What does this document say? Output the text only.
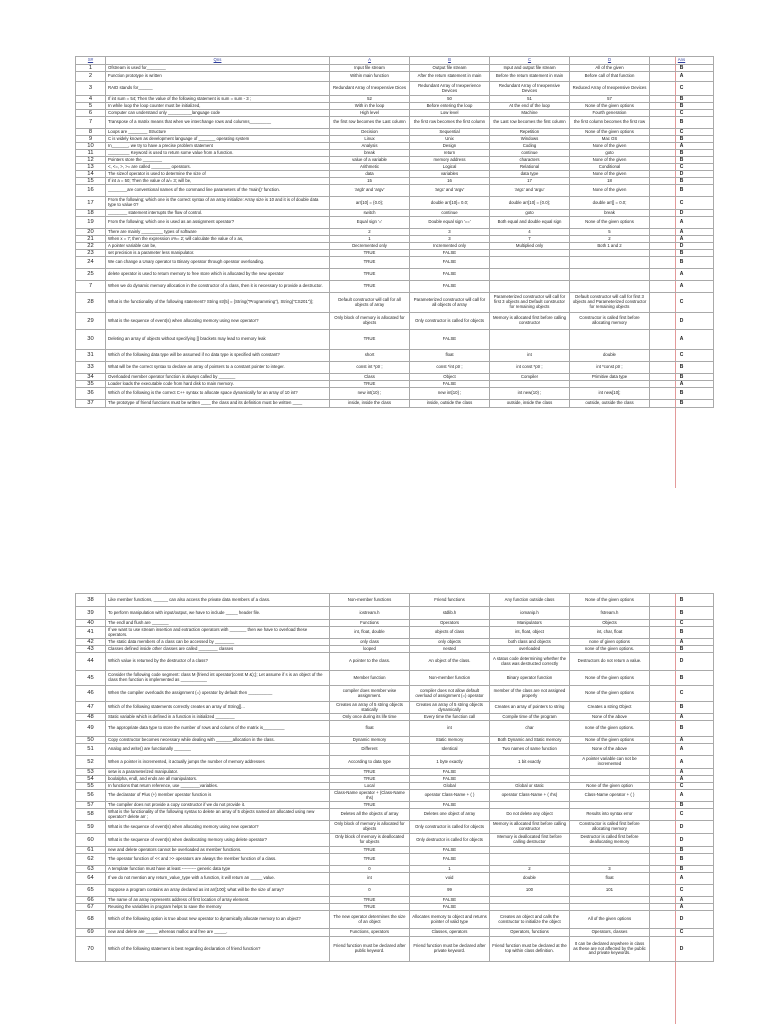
S#	Qns	A	B	C	D	Ans
1	Ofstream is used for________	Input file stream	Output file stream	Input and output file stream	All of the given	B
2	Function prototype is written	Within main function	After the return statement in main	Before the return statement in main	Before call of that function	A
3	RAID stands for______	Redundant Array of Inexpensive Dices	Redundant Array of Inexperience Devices	Redundant Array of Inexpensive Devices	Reduced Array of Inexpensive Devices	C
4	If int sum = 54; Then the value of the following statement is sum = sum - 3 ;	52	50	51	57	B
5	In while loop the loop counter must be initialized,	With in the loop	Before entering the loop	At the end of the loop	None of the given options	B
6	Computer can understand only __________language code	High level	Low level	Machine	Fourth generation	C
7	Transpose of a matrix means that when we interchange rows and columns_________	the first row becomes the Last column	the first row becomes the first column	the Last row becomes the first column	the first column becomes the first row	B
8	Loops are ________ Structure	Decision	Sequential	Repetition	None of the given options	C
9	C is widely known as development language of _______ operating system	Linux	Unix	Windows	Mac OS	B
10	In_______, we try to have a precise problem statement	Analysis	Design	Coding	None of the given	A
11	_________ Keyword is used to return some value from a function.	break	return	continue	goto	B
12	Pointers store the ________	value of a variable	memory address	characters	None of the given	B
13	<, <=, >, >= are called ________ operators.	Arithmetic	Logical	Relational	Conditional	C
14	The sizeof operator is used to determine the size of	data	variables	data type	None of the given	D
15	If int a = 50; Then the value of a/= 3; will be,	15	16	17	18	B
16	________are conventional names of the command line parameters of the 'main()' function.	'argb' and 'argv'	'argc' and 'argv'	'argc' and 'argu'	None of the given	B
17	From the following; which one is the correct syntax of an array initialize: Array size is 10 and it is of double data type to value 0?	arr[10] = {0.0};	double arr[10]= 0.0;	double arr[10] = {0.0};	double arr[] = 0.0;	C
18	________ statement interrupts the flow of control.	switch	continue	goto	break	D
19	From the following; which one is used as an assignment operator?	Equal sign '='	Double equal sign '=='	Both equal and double equal sign	None of the given options	A
20	There are mainly _________ types of software	2	3	4	5	A
21	When x = 7; then the expression x%= 2; will calculate the value of x as,	1	3	7	2	A
22	A pointer variable can be,	Decremented only	Incremented only	Multiplied only	Both 1 and 2	D
23	set precision is a parameter less manipulator.	TRUE	FALSE			B
24	We can change a Unary operator to Binary operator through operator overloading.	TRUE	FALSE			B
25	delete operator is used to return memory to free store which is allocated by the new operator	TRUE	FALSE			A
7	When we do dynamic memory allocation in the constructor of a class, then it is necessary to provide a destructor.	TRUE	FALSE			A
28	What is the functionality of the following statement? String str[5] = {String("Programming"), String("CS201")};	Default constructor will call for all objects of array	Parameterized constructor will call for all objects of array	Parameterized constructor will call for first 3 objects and Default constructor for remaining objects	Default constructor will call for first 3 objects and Parameterized constructor for remaining objects	C
29	What is the sequence of event(s) when allocating memory using new operator?	Only block of memory is allocated for objects	Only constructor is called for objects	Memory is allocated first before calling constructor	Constructor is called first before allocating memory	D
30	Deleting an array of objects without specifying [] brackets may lead to memory leak	TRUE	FALSE			A
31	Which of the following data type will be assumed if no data type is specified with constant?	short	float	int	double	C
33	What will be the correct syntax to declare an array of pointers to a constant pointer to integer.	const int *ptr ;	const *int ptr ;	int const *ptr ;	int *const ptr ;	B
34	Overloaded member operator function is always called by _______	Class	Object	Compiler	Primitive data type	B
35	Loader loads the executable code from hard disk to main memory.	TRUE	FALSE			A
36	Which of the following is the correct C++ syntax to allocate space dynamically for an array of 10 int?	new int(10) ;	new int[10] ;	int new(10) ;	int new[10];	B
37	The prototype of friend functions must be written ____ the class and its definition must be written ____	inside, inside the class	inside, outside the class	outside, inside the class	outside, outside the class	B
38	Like member functions, ______ can also access the private data members of a class.	Non-member functions	Friend functions	Any function outside class	None of the given options	B
39	To perform manipulation with input/output, we have to include _____ header file.	iostream.h	stdlib.h	iomanip.h	fstream.h	B
40	The endl and flush are _______	Functions	Operators	Manipulators	Objects	C
41	If we want to use stream insertion and extraction operators with _______ then we have to overload these operators.	int, float, double	objects of class	int, float, object	int, char, float	B
42	The static data members of a class can be accessed by ________	only class	only objects	both class and objects	none of given options	A
43	Classes defined inside other classes are called ________ classes	looped	nested	overloaded	none of the given options.	B
44	Which value is returned by the destructor of a class?	A pointer to the class.	An object of the class.	A status code determining whether the class was destructed correctly	Destructors do not return a value.	D
45	Consider the following code segment: class M {friend int operator(const M &);}; Let assume if s is an object of the class then function is implemented as ___________	Member function	Non-member function	Binary operator function	None of the given options	B
46	When the compiler overloads the assignment (=) operator by default then __________	compiler does member wise assignment.	compiler does not allow default overload of assignment (=) operator	member of the class are not assigned properly	None of the given options	C
47	Which of the following statements correctly creates an array of String[]...	Creates an array of 5 string objects statically	Creates an array of 5 string objects dynamically	Creates an array of pointers to string	Creates a string Object	B
48	Static variable which is defined in a function is initialized ________	Only once during its life time	Every time the function call	Compile time of the program	None of the above	A
49	The appropriate data type to store the number of rows and colums of the matrix is_________	float	int	char	none of the given options.	B
50	Copy constructor becomes necessary while dealing with _______allocation in the class.	Dynamic memory	Static memory	Both Dynamic and Static memory	None of the given options	A
51	Analog and write() are functionally _______	Different	Identical	Two names of same function	None of the above	A
52	When a pointer is incremented, it actually jumps the number of memory addresses	According to data type	1 byte exactly	1 bit exactly	A pointer variable can not be incremented	A
53	setw is a parameterized manipulator.	TRUE	FALSE			A
54	boolalpha, endl, and ends are all manipulators.	TRUE	FALSE			A
55	In functions that return reference, use ________variables.	Local	Global	Global or static	None of the given option	C
56	The declarator of Plus (+) member operator function is	Class-Name operator + (Class-Name rhs)	operator Class-Name + ( )	operator Class-Name + ( rhs)	Class-Name operator + ( )	A
57	The compiler does not provide a copy constructor if we do not provide it.	TRUE	FALSE			B
58	What is the functionality of the following syntax to delete an array of 5 objects named arr allocated using new operator? delete arr ;	Deletes all the objects of array	Deletes one object of array	Do not delete any object	Results into syntax error	C
59	What is the sequence of event(s) when allocating memory using new operator?	Only block of memory is allocated for objects	Only constructor is called for objects	Memory is allocated first before calling constructor	Constructor is called first before allocating memory	D
60	What is the sequence of event(s) when deallocating memory using delete operator?	Only block of memory is deallocated for objects	Only destructor is called for objects	Memory is deallocated first before calling destructor	Destructor is called first before deallocating memory	D
61	new and delete operators cannot be overloaded as member functions.	TRUE	FALSE			B
62	The operator function of << and >> operators are always the member function of a class.	TRUE	FALSE			B
63	A template function must have at least ---------- generic data type	0	1	2	3	B
64	If we do not mention any return_value_type with a function, it will return an _____ value.	int	void	double	float	A
65	Suppose a program contains an array declared as int arr[100]; what will be the size of array?	0	99	100	101	C
66	The name of an array represents address of first location of array element.	TRUE	FALSE			A
67	Reusing the variables in program helps to save the memory	TRUE	FALSE			A
68	Which of the following option is true about new operator to dynamically allocate memory to an object?	The new operator determines the size of an object	Allocates memory to object and returns pointer of valid type	Creates an object and calls the constructor to initialize the object	All of the given options	D
69	new and delete are _____ whereas malloc and free are _____.	Functions, operators	Classes, operators	Operators, functions	Operators, classes	C
70	Which of the following statement is best regarding declaration of friend function?	Friend function must be declared after public keyword.	Friend function must be declared after private keyword.	Friend function must be declared at the top within class definition.	It can be declared anywhere in class as these are not affected by the public and private keywords.	D
